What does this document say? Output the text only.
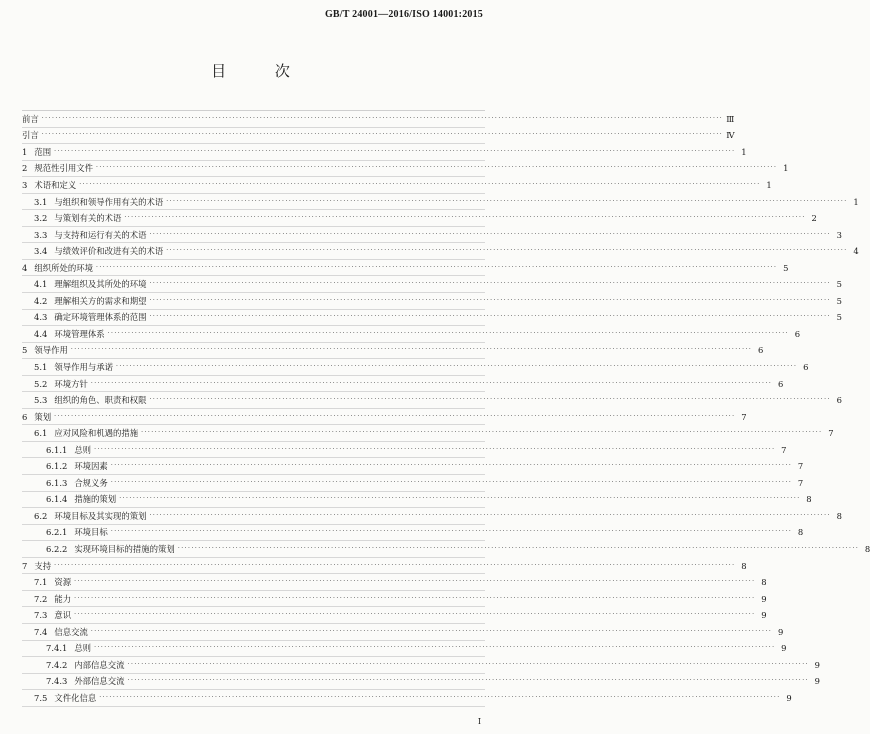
GB/T 24001—2016/ISO 14001:2015
目 次
前言 ········································································································································································································ Ⅲ
引言 ········································································································································································································ Ⅳ
1 范围 ········································································································································································································ 1
2 规范性引用文件 ········································································································································································································ 1
3 术语和定义 ········································································································································································································ 1
3.1 与组织和领导作用有关的术语 ········································································································································································································ 1
3.2 与策划有关的术语 ········································································································································································································ 2
3.3 与支持和运行有关的术语 ········································································································································································································ 3
3.4 与绩效评价和改进有关的术语 ········································································································································································································ 4
4 组织所处的环境 ········································································································································································································ 5
4.1 理解组织及其所处的环境 ········································································································································································································ 5
4.2 理解相关方的需求和期望 ········································································································································································································ 5
4.3 确定环境管理体系的范围 ········································································································································································································ 5
4.4 环境管理体系 ········································································································································································································ 6
5 领导作用 ········································································································································································································ 6
5.1 领导作用与承诺 ········································································································································································································ 6
5.2 环境方针 ········································································································································································································ 6
5.3 组织的角色、职责和权限 ········································································································································································································ 6
6 策划 ········································································································································································································ 7
6.1 应对风险和机遇的措施 ········································································································································································································ 7
6.1.1 总则 ········································································································································································································ 7
6.1.2 环境因素 ········································································································································································································ 7
6.1.3 合规义务 ········································································································································································································ 7
6.1.4 措施的策划 ········································································································································································································ 8
6.2 环境目标及其实现的策划 ········································································································································································································ 8
6.2.1 环境目标 ········································································································································································································ 8
6.2.2 实现环境目标的措施的策划 ········································································································································································································ 8
7 支持 ········································································································································································································ 8
7.1 资源 ········································································································································································································ 8
7.2 能力 ········································································································································································································ 9
7.3 意识 ········································································································································································································ 9
7.4 信息交流 ········································································································································································································ 9
7.4.1 总则 ········································································································································································································ 9
7.4.2 内部信息交流 ········································································································································································································ 9
7.4.3 外部信息交流 ········································································································································································································ 9
7.5 文件化信息 ········································································································································································································ 9
I
